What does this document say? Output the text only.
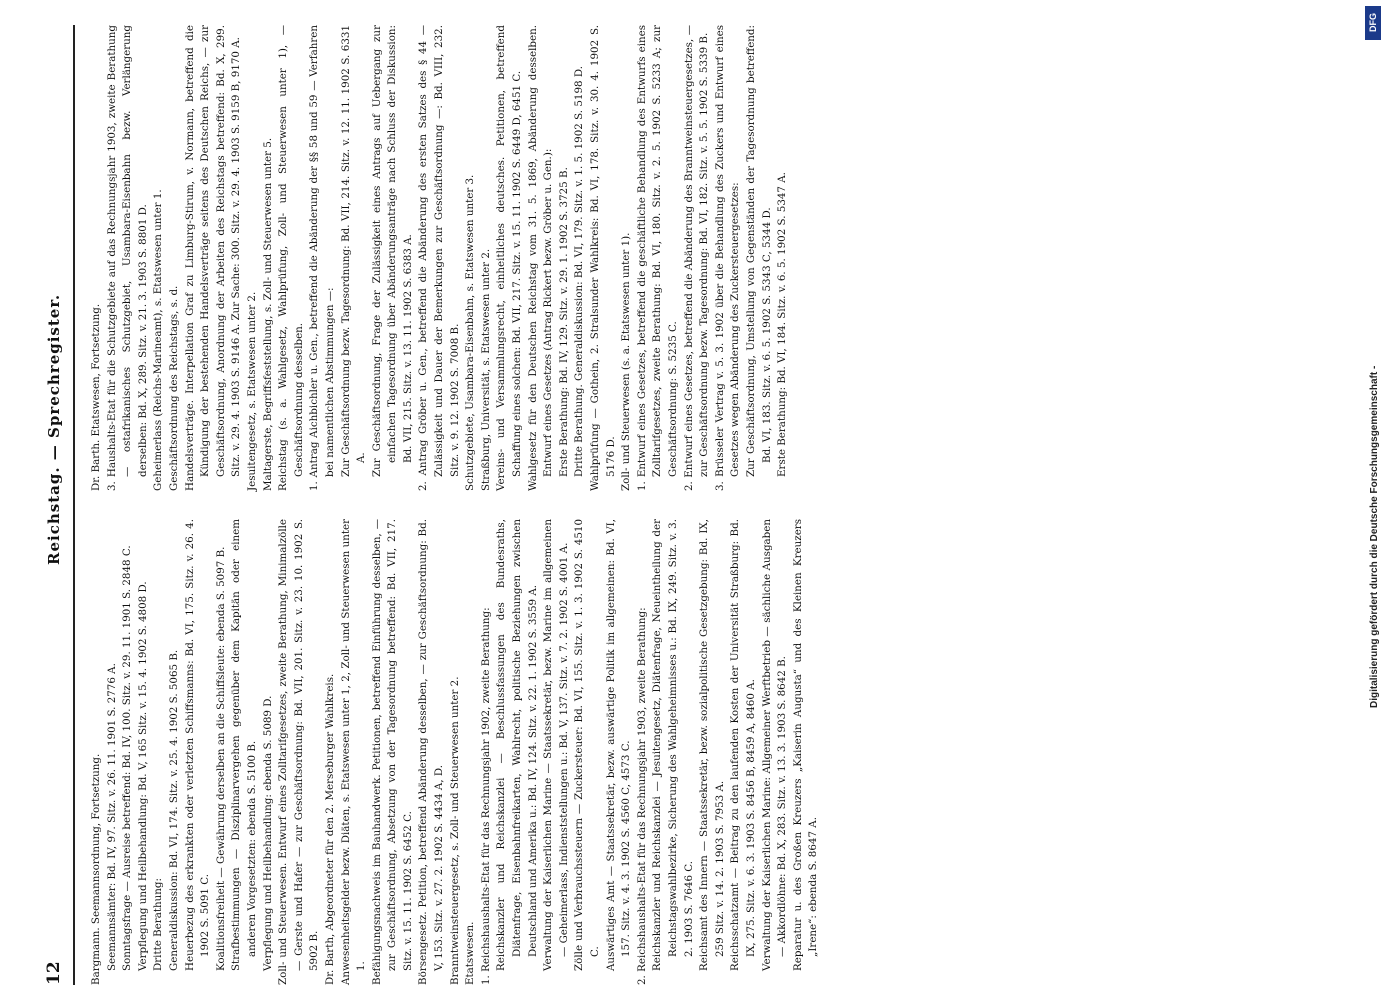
12
Reichstag. — Sprechregister.

Bargmann. Seemannsordnung, Fortsetzung. Seemannsämter: Bd. IV, 97. Sitz. v. 26. 11. 1901 S. 2776 A. Sonntagsfrage — Ausreise betreffend: Bd. IV, 100. Sitz. v. 29. 11. 1901 S. 2848 C. Verpflegung und Heilbehandlung: Bd. V, 165 Sitz. v. 15. 4. 1902 S. 4808 D. Dritte Berathung: Generaldiskussion: Bd. VI, 174. Sitz. v. 25. 4. 1902 S. 5065 B. Heuerbezug des erkrankten oder verletzten Schiffsmanns: Bd. VI, 175. Sitz. v. 26. 4. 1902 S. 5091 C. Koalitionsfreiheit — Gewährung derselben an die Schiffsleute: ebenda S. 5097 B. Strafbestimmungen — Disziplinarvergehen gegenüber dem Kapitän oder einem anderen Vorgesetzten: ebenda S. 5100 B. Verpflegung und Heilbehandlung: ebenda S. 5089 D. Zoll- und Steuerwesen. Entwurf eines Zolltarifgesetzes, zweite Berathung, Minimalzölle — Gerste und Hafer — zur Geschäftsordnung: Bd. VII, 201. Sitz. v. 23. 10. 1902 S. 5902 B. Dr. Barth, Abgeordneter für den 2. Merseburger Wahlkreis. Anwesenheitsgelder bezw. Diäten, s. Etatswesen unter 1, 2, Zoll- und Steuerwesen unter 1. Befähigungsnachweis im Bauhandwerk. Petitionen, betreffend Einführung desselben, — zur Geschäftsordnung, Absetzung von der Tagesordnung betreffend: Bd. VII, 217. Sitz. v. 15. 11. 1902 S. 6452 C. Börsengesetz. Petition, betreffend Abänderung desselben, — zur Geschäftsordnung: Bd. V, 153. Sitz. v. 27. 2. 1902 S. 4434 A, D. Branntweinsteuergesetz, s. Zoll- und Steuerwesen unter 2. Etatswesen. 1. Reichshaushalts-Etat für das Rechnungsjahr 1902, zweite Berathung: Reichskanzler und Reichskanzlei — Beschlussfassungen des Bundesraths, Diätenfrage, Eisenbahnfreikarten, Wahlrecht, politische Beziehungen zwischen Deutschland und Amerika u.: Bd. IV, 124. Sitz. v. 22. 1. 1902 S. 3559 A. Verwaltung der Kaiserlichen Marine — Staatssekretär, bezw. Marine im allgemeinen — Geheimerlass, Indienststellungen u.: Bd. V, 137. Sitz. v. 7. 2. 1902 S. 4001 A. Zölle und Verbrauchssteuern — Zuckersteuer: Bd. VI, 155. Sitz. v. 1. 3. 1902 S. 4510 C. Auswärtiges Amt — Staatssekretär, bezw. auswärtige Politik im allgemeinen: Bd. VI, 157. Sitz. v. 4. 3. 1902 S. 4560 C, 4573 C. 2. Reichshaushalts-Etat für das Rechnungsjahr 1903, zweite Berathung: Reichskanzler und Reichskanzlei — Jesuitengesetz, Diätenfrage, Neueintheilung der Reichstagswahlbezirke, Sicherung des Wahlgeheimnisses u.: Bd. IX, 249. Sitz. v. 3. 2. 1903 S. 7646 C. Reichsamt des Innern — Staatssekretär, bezw. sozialpolitische Gesetzgebung: Bd. IX, 259 Sitz. v. 14. 2. 1903 S. 7953 A. Reichsschatzamt — Beitrag zu den laufenden Kosten der Universität Straßburg: Bd. IX, 275. Sitz. v. 6. 3. 1903 S. 8456 B, 8459 A, 8460 A. Verwaltung der Kaiserlichen Marine: Allgemeiner Werftbetrieb — sächliche Ausgaben — Akkordlöhne: Bd. X, 283. Sitz. v. 13. 3. 1903 S. 8642 B. Reparatur u. des Großen Kreuzers „Kaiserin Augusta“ und des Kleinen Kreuzers „Irene“: ebenda S. 8647 A.

Dr. Barth. Etatswesen, Fortsetzung. 3. Haushalts-Etat für die Schutzgebiete auf das Rechnungsjahr 1903, zweite Berathung — ostafrikanisches Schutzgebiet, Usambara-Eisenbahn bezw. Verlängerung derselben: Bd. X, 289. Sitz. v. 21. 3. 1903 S. 8801 D. Geheimerlass (Reichs-Marineamt), s. Etatswesen unter 1. Geschäftsordnung des Reichstags, s. d. Handelsverträge. Interpellation Graf zu Limburg-Stirum, v. Normann, betreffend die Kündigung der bestehenden Handelsverträge seitens des Deutschen Reichs, — zur Geschäftsordnung, Anordnung der Arbeiten des Reichstags betreffend: Bd. X, 299. Sitz. v. 29. 4. 1903 S. 9146 A. Zur Sache: 300. Sitz. v. 29. 4. 1903 S. 9159 B, 9170 A. Jesuitengesetz, s. Etatswesen unter 2. Maltagerste, Begriffsfeststellung, s. Zoll- und Steuerwesen unter 5. Reichstag (s. a. Wahlgesetz, Wahlprüfung, Zoll- und Steuerwesen unter 1), — Geschäftsordnung desselben. 1. Antrag Aichbichler u. Gen., betreffend die Abänderung der §§ 58 und 59 — Verfahren bei namentlichen Abstimmungen —: Zur Geschäftsordnung bezw. Tagesordnung: Bd. VII, 214. Sitz. v. 12. 11. 1902 S. 6331 A. Zur Geschäftsordnung, Frage der Zulässigkeit eines Antrags auf Uebergang zur einfachen Tagesordnung über Abänderungsanträge nach Schluss der Diskussion: Bd. VII, 215. Sitz. v. 13. 11. 1902 S. 6383 A. 2. Antrag Gröber u. Gen., betreffend die Abänderung des ersten Satzes des § 44 — Zulässigkeit und Dauer der Bemerkungen zur Geschäftsordnung —: Bd. VIII, 232. Sitz. v. 9. 12. 1902 S. 7008 B. Schutzgebiete, Usambara-Eisenbahn, s. Etatswesen unter 3. Straßburg, Universität, s. Etatswesen unter 2. Vereins- und Versammlungsrecht, einheitliches deutsches. Petitionen, betreffend Schaffung eines solchen: Bd. VII, 217. Sitz. v. 15. 11. 1902 S. 6449 D, 6451 C. Wahlgesetz für den Deutschen Reichstag vom 31. 5. 1869, Abänderung desselben. Entwurf eines Gesetzes (Antrag Rickert bezw. Gröber u. Gen.): Erste Berathung: Bd. IV, 129. Sitz. v. 29. 1. 1902 S. 3725 B. Dritte Berathung. Generaldiskussion: Bd. VI, 179. Sitz. v. 1. 5. 1902 S. 5198 D. Wahlprüfung — Gothein, 2. Stralsunder Wahlkreis: Bd. VI, 178. Sitz. v. 30. 4. 1902 S. 5176 D. Zoll- und Steuerwesen (s. a. Etatswesen unter 1). 1. Entwurf eines Gesetzes, betreffend die geschäftliche Behandlung des Entwurfs eines Zolltarifgesetzes, zweite Berathung: Bd. VI, 180. Sitz. v. 2. 5. 1902 S. 5233 A; zur Geschäftsordnung: S. 5235 C. 2. Entwurf eines Gesetzes, betreffend die Abänderung des Branntweinsteuergesetzes, — zur Geschäftsordnung bezw. Tagesordnung: Bd. VI, 182. Sitz. v. 5. 5. 1902 S. 5339 B. 3. Brüsseler Vertrag v. 5. 3. 1902 über die Behandlung des Zuckers und Entwurf eines Gesetzes wegen Abänderung des Zuckersteuergesetzes: Zur Geschäftsordnung, Umstellung von Gegenständen der Tagesordnung betreffend: Bd. VI, 183. Sitz. v. 6. 5. 1902 S. 5343 C, 5344 D. Erste Berathung: Bd. VI, 184. Sitz. v. 6. 5. 1902 S. 5347 A.

Digitalisierung gefördert durch die Deutsche Forschungsgemeinschaft -
DFG
